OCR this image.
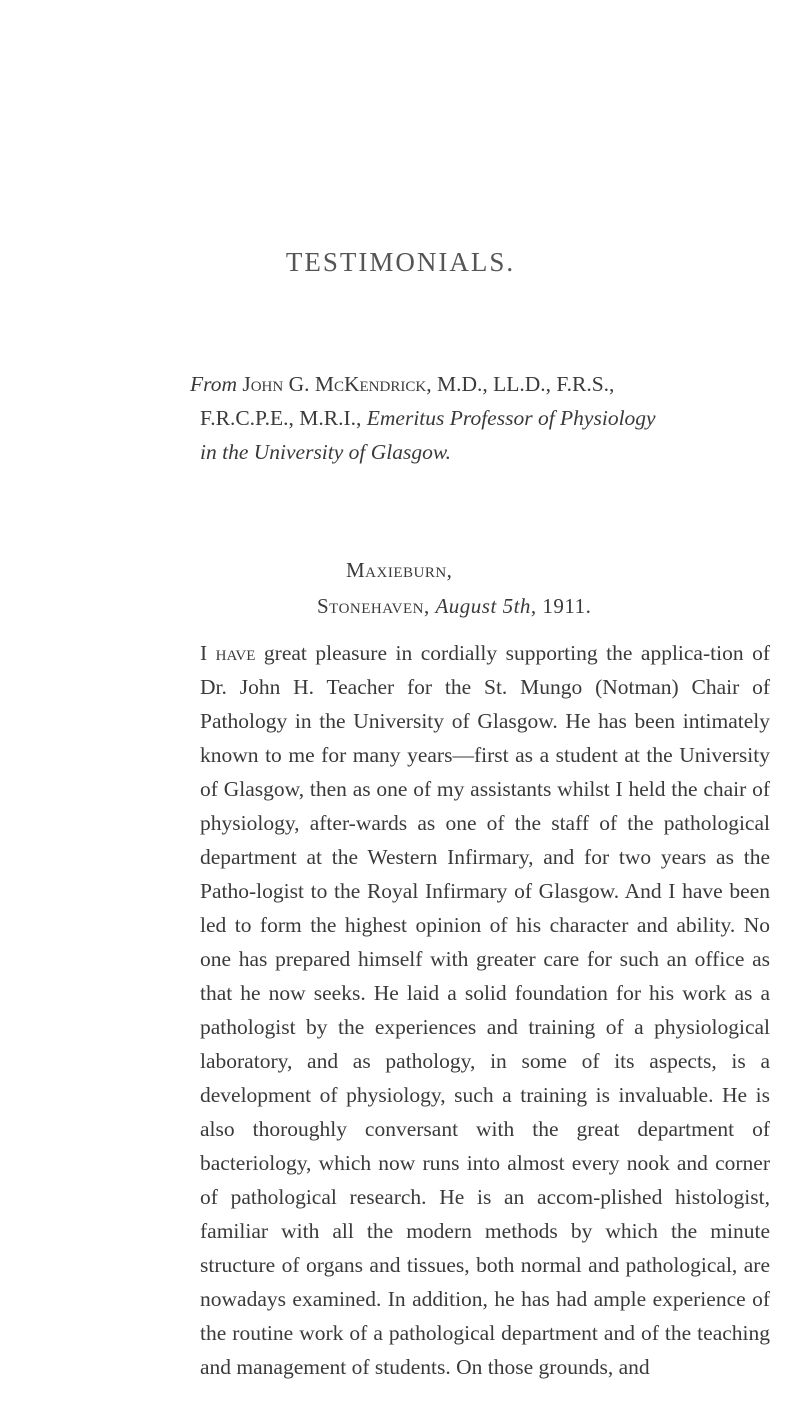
TESTIMONIALS.
From John G. McKendrick, M.D., LL.D., F.R.S.,
F.R.C.P.E., M.R.I., Emeritus Professor of Physiology
in the University of Glasgow.
Maxieburn,
Stonehaven, August 5th, 1911.

I have great pleasure in cordially supporting the applica-tion of Dr. John H. Teacher for the St. Mungo (Notman) Chair of Pathology in the University of Glasgow. He has been intimately known to me for many years—first as a student at the University of Glasgow, then as one of my assistants whilst I held the chair of physiology, after-wards as one of the staff of the pathological department at the Western Infirmary, and for two years as the Patho-logist to the Royal Infirmary of Glasgow. And I have been led to form the highest opinion of his character and ability. No one has prepared himself with greater care for such an office as that he now seeks. He laid a solid foundation for his work as a pathologist by the experiences and training of a physiological laboratory, and as pathology, in some of its aspects, is a development of physiology, such a training is invaluable. He is also thoroughly conversant with the great department of bacteriology, which now runs into almost every nook and corner of pathological research. He is an accom-plished histologist, familiar with all the modern methods by which the minute structure of organs and tissues, both normal and pathological, are nowadays examined. In addition, he has had ample experience of the routine work of a pathological department and of the teaching and management of students. On those grounds, and
